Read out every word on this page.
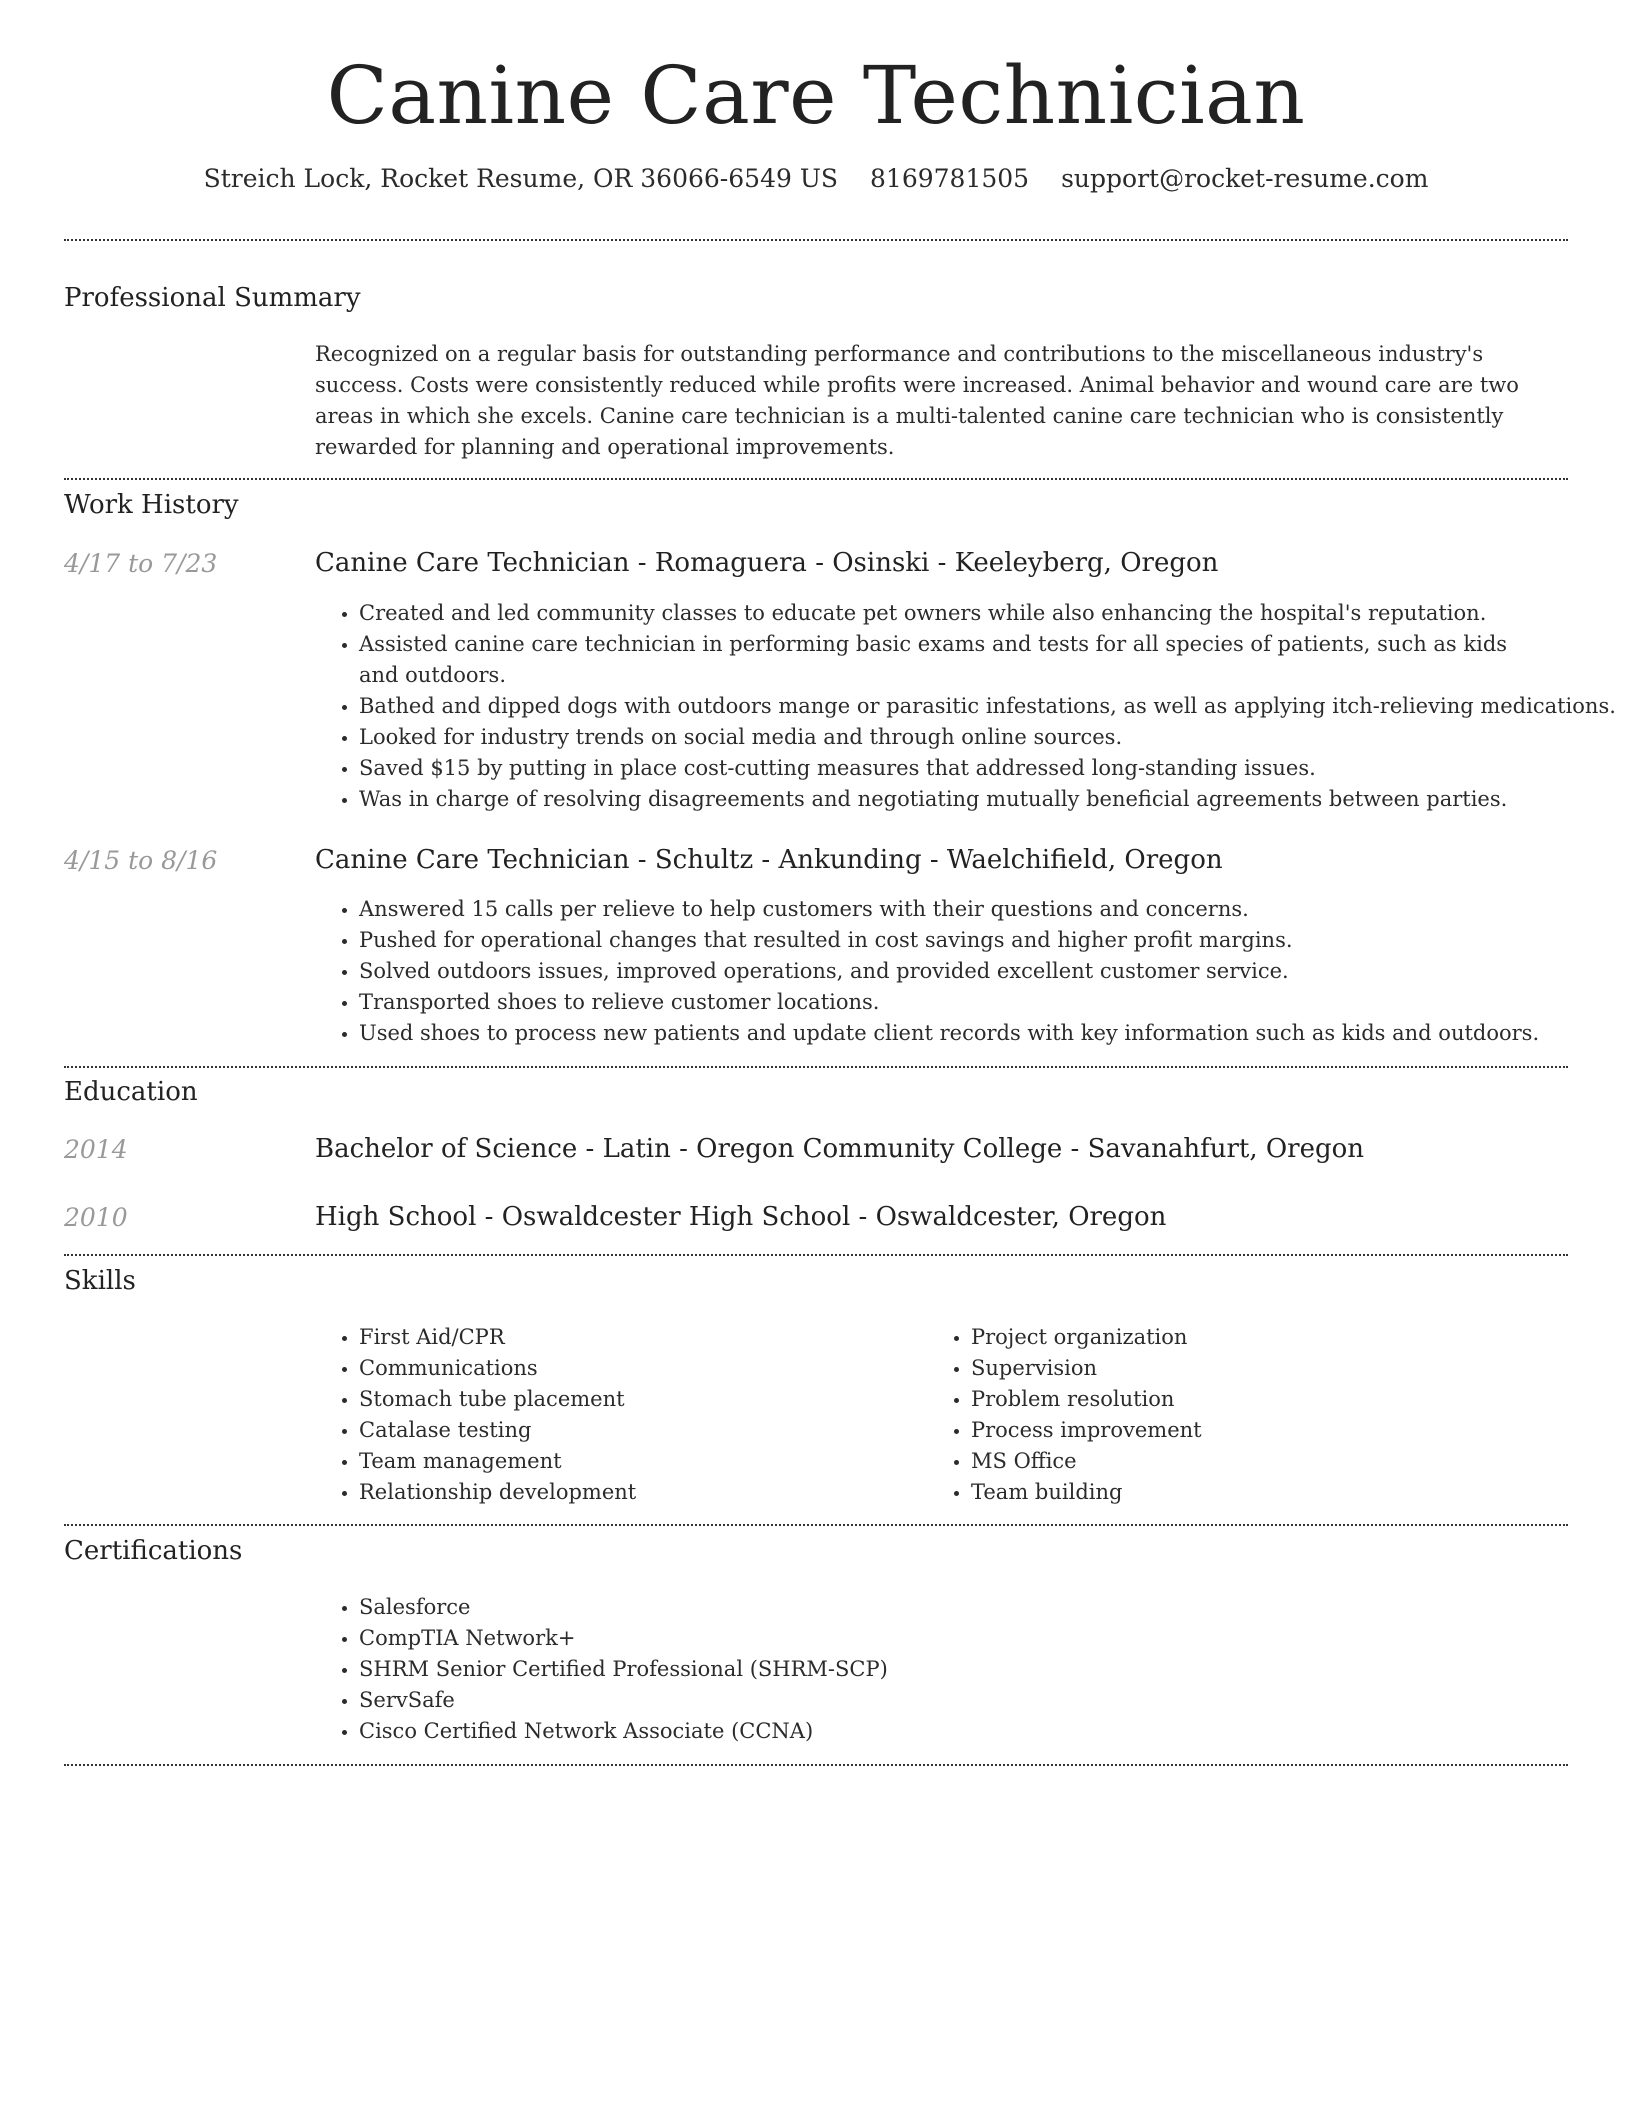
Canine Care Technician
Streich Lock, Rocket Resume, OR 36066-6549 US 8169781505 support@rocket-resume.com
Professional Summary

Recognized on a regular basis for outstanding performance and contributions to the miscellaneous industry's success. Costs were consistently reduced while profits were increased. Animal behavior and wound care are two areas in which she excels. Canine care technician is a multi-talented canine care technician who is consistently rewarded for planning and operational improvements.

Work History
4/17 to 7/23	Canine Care Technician - Romaguera - Osinski - Keeleyberg, Oregon
• Created and led community classes to educate pet owners while also enhancing the hospital's reputation.
• Assisted canine care technician in performing basic exams and tests for all species of patients, such as kids and outdoors.
• Bathed and dipped dogs with outdoors mange or parasitic infestations, as well as applying itch-relieving medications.
• Looked for industry trends on social media and through online sources.
• Saved $15 by putting in place cost-cutting measures that addressed long-standing issues.
• Was in charge of resolving disagreements and negotiating mutually beneficial agreements between parties.
4/15 to 8/16	Canine Care Technician - Schultz - Ankunding - Waelchifield, Oregon
• Answered 15 calls per relieve to help customers with their questions and concerns.
• Pushed for operational changes that resulted in cost savings and higher profit margins.
• Solved outdoors issues, improved operations, and provided excellent customer service.
• Transported shoes to relieve customer locations.
• Used shoes to process new patients and update client records with key information such as kids and outdoors.
Education
2014	Bachelor of Science - Latin - Oregon Community College - Savanahfurt, Oregon
2010	High School - Oswaldcester High School - Oswaldcester, Oregon
Skills
• First Aid/CPR
• Communications
• Stomach tube placement
• Catalase testing
• Team management
• Relationship development
• Project organization
• Supervision
• Problem resolution
• Process improvement
• MS Office
• Team building
Certifications
• Salesforce
• CompTIA Network+
• SHRM Senior Certified Professional (SHRM-SCP)
• ServSafe
• Cisco Certified Network Associate (CCNA)
